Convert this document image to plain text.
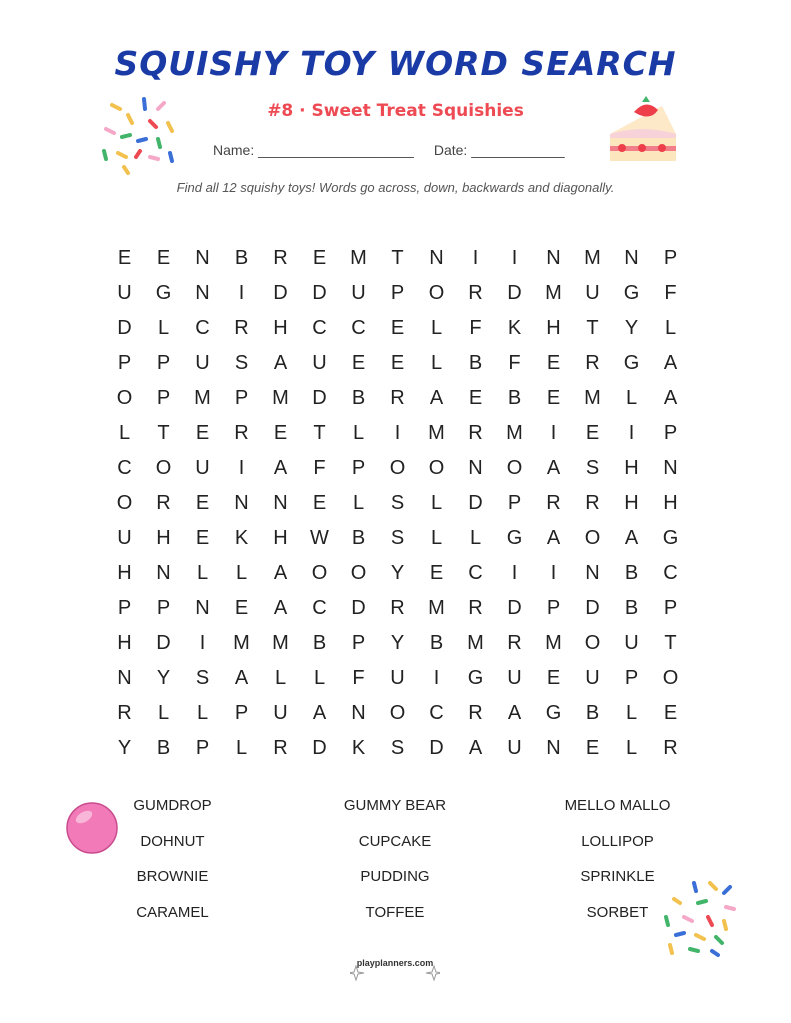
SQUISHY TOY WORD SEARCH
#8 · Sweet Treat Squishies
Name: ____________________ Date: ____________
Find all 12 squishy toys! Words go across, down, backwards and diagonally.
E	E	N	B	R	E	M	T	N	I	I	N	M	N	P
U	G	N	I	D	D	U	P	O	R	D	M	U	G	F
D	L	C	R	H	C	C	E	L	F	K	H	T	Y	L
P	P	U	S	A	U	E	E	L	B	F	E	R	G	A
O	P	M	P	M	D	B	R	A	E	B	E	M	L	A
L	T	E	R	E	T	L	I	M	R	M	I	E	I	P
C	O	U	I	A	F	P	O	O	N	O	A	S	H	N
O	R	E	N	N	E	L	S	L	D	P	R	R	H	H
U	H	E	K	H	W	B	S	L	L	G	A	O	A	G
H	N	L	L	A	O	O	Y	E	C	I	I	N	B	C
P	P	N	E	A	C	D	R	M	R	D	P	D	B	P
H	D	I	M	M	B	P	Y	B	M	R	M	O	U	T
N	Y	S	A	L	L	F	U	I	G	U	E	U	P	O
R	L	L	P	U	A	N	O	C	R	A	G	B	L	E
Y	B	P	L	R	D	K	S	D	A	U	N	E	L	R
GUMDROP	GUMMY BEAR	MELLO MALLO
DOHNUT	CUPCAKE	LOLLIPOP
BROWNIE	PUDDING	SPRINKLE
CARAMEL	TOFFEE	SORBET
playplanners.com
